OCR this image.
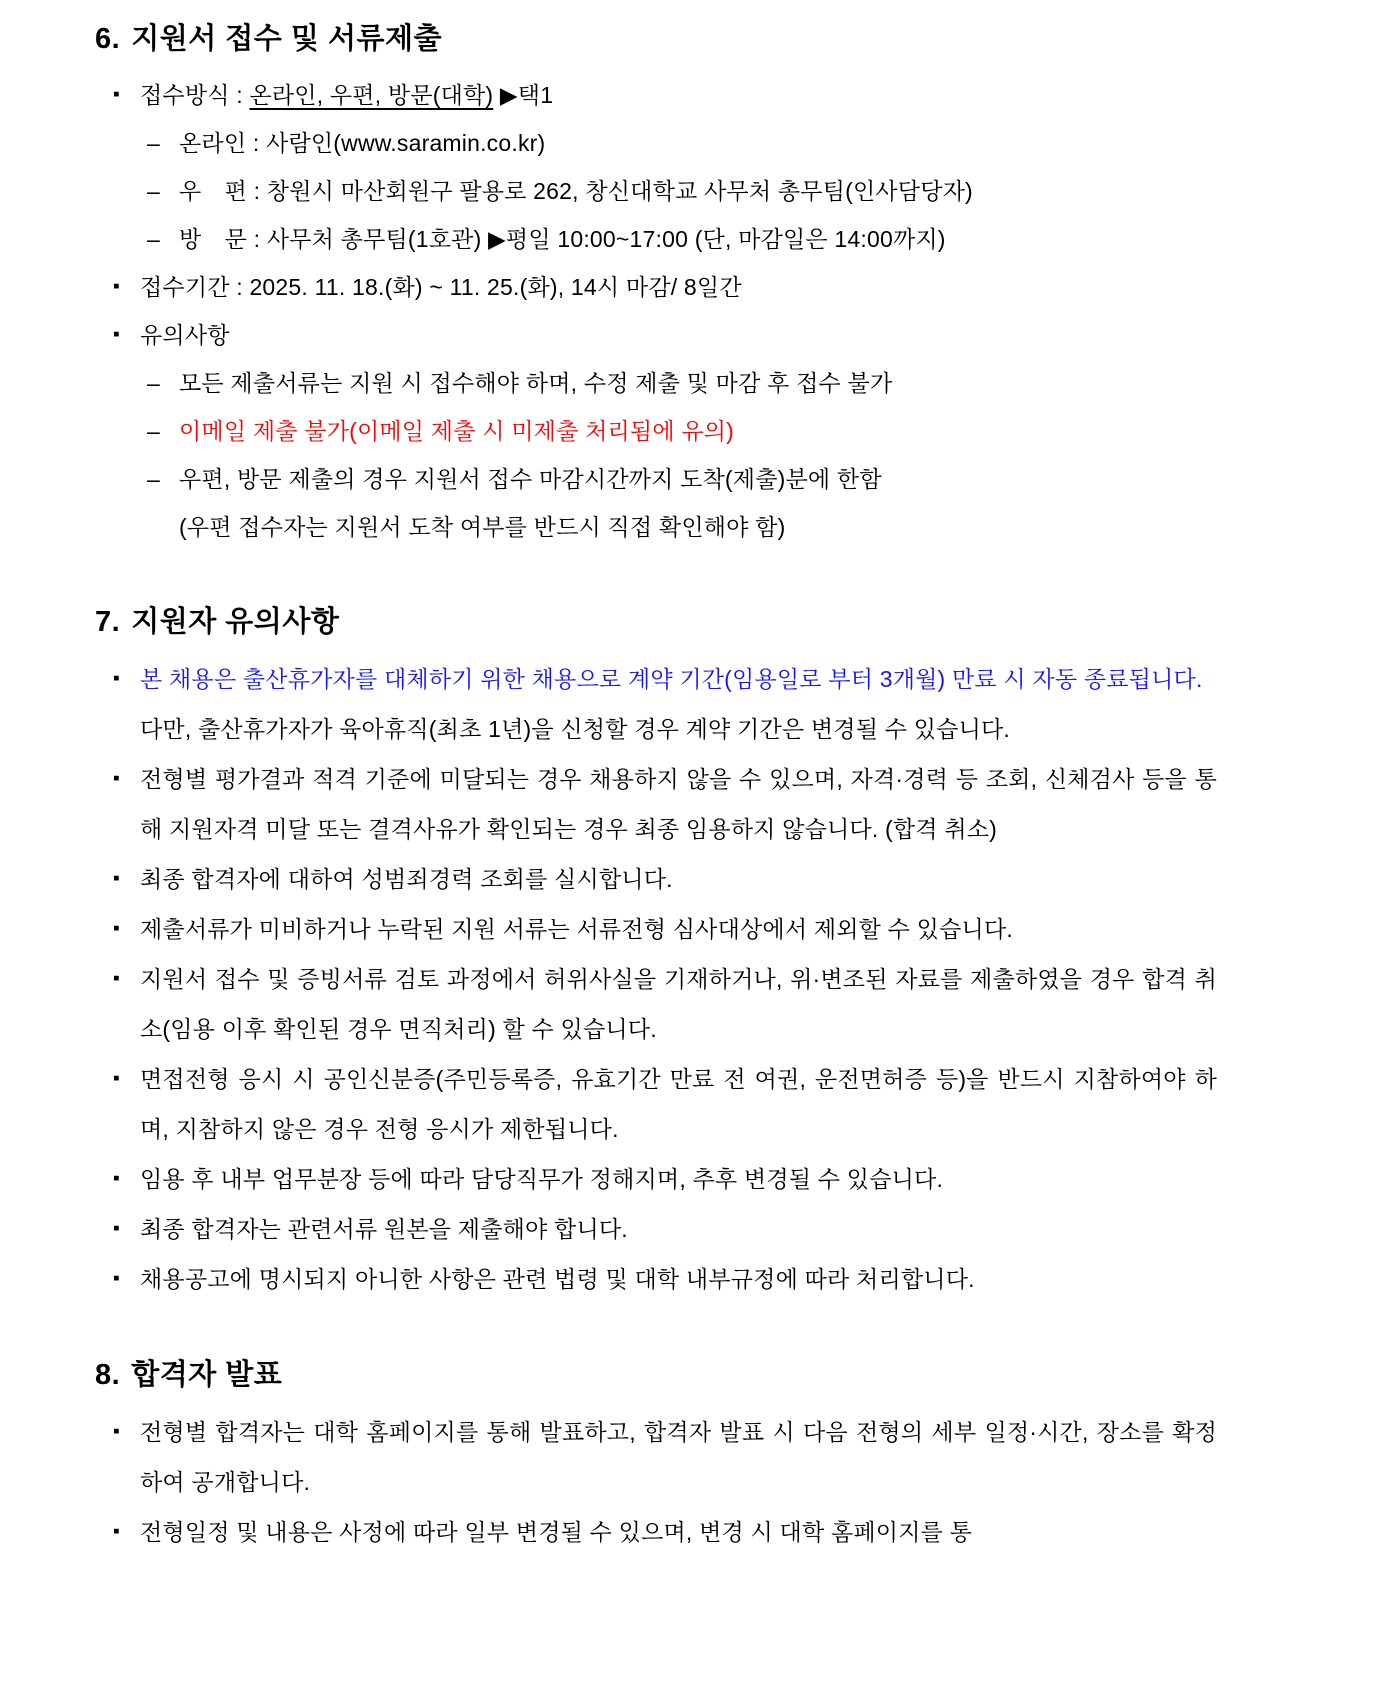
6. 지원서 접수 및 서류제출

▪ 접수방식 : 온라인, 우편, 방문(대학) ▶택1

– 온라인 : 사람인(www.saramin.co.kr)

– 우 편 : 창원시 마산회원구 팔용로 262, 창신대학교 사무처 총무팀(인사담당자)

– 방 문 : 사무처 총무팀(1호관) ▶평일 10:00~17:00 (단, 마감일은 14:00까지)

▪ 접수기간 : 2025. 11. 18.(화) ~ 11. 25.(화), 14시 마감/ 8일간

▪ 유의사항

– 모든 제출서류는 지원 시 접수해야 하며, 수정 제출 및 마감 후 접수 불가

– 이메일 제출 불가(이메일 제출 시 미제출 처리됨에 유의)

– 우편, 방문 제출의 경우 지원서 접수 마감시간까지 도착(제출)분에 한함

(우편 접수자는 지원서 도착 여부를 반드시 직접 확인해야 함)

7. 지원자 유의사항

▪ 본 채용은 출산휴가자를 대체하기 위한 채용으로 계약 기간(임용일로 부터 3개월) 만료 시 자동 종료됩니다.

다만, 출산휴가자가 육아휴직(최초 1년)을 신청할 경우 계약 기간은 변경될 수 있습니다.

▪ 전형별 평가결과 적격 기준에 미달되는 경우 채용하지 않을 수 있으며, 자격·경력 등 조회, 신체검사 등을 통해 지원자격 미달 또는 결격사유가 확인되는 경우 최종 임용하지 않습니다. (합격 취소)

▪ 최종 합격자에 대하여 성범죄경력 조회를 실시합니다.

▪ 제출서류가 미비하거나 누락된 지원 서류는 서류전형 심사대상에서 제외할 수 있습니다.

▪ 지원서 접수 및 증빙서류 검토 과정에서 허위사실을 기재하거나, 위·변조된 자료를 제출하였을 경우 합격 취소(임용 이후 확인된 경우 면직처리) 할 수 있습니다.

▪ 면접전형 응시 시 공인신분증(주민등록증, 유효기간 만료 전 여권, 운전면허증 등)을 반드시 지참하여야 하며, 지참하지 않은 경우 전형 응시가 제한됩니다.

▪ 임용 후 내부 업무분장 등에 따라 담당직무가 정해지며, 추후 변경될 수 있습니다.

▪ 최종 합격자는 관련서류 원본을 제출해야 합니다.

▪ 채용공고에 명시되지 아니한 사항은 관련 법령 및 대학 내부규정에 따라 처리합니다.

8. 합격자 발표

▪ 전형별 합격자는 대학 홈페이지를 통해 발표하고, 합격자 발표 시 다음 전형의 세부 일정·시간, 장소를 확정하여 공개합니다.

▪ 전형일정 및 내용은 사정에 따라 일부 변경될 수 있으며, 변경 시 대학 홈페이지를 통
